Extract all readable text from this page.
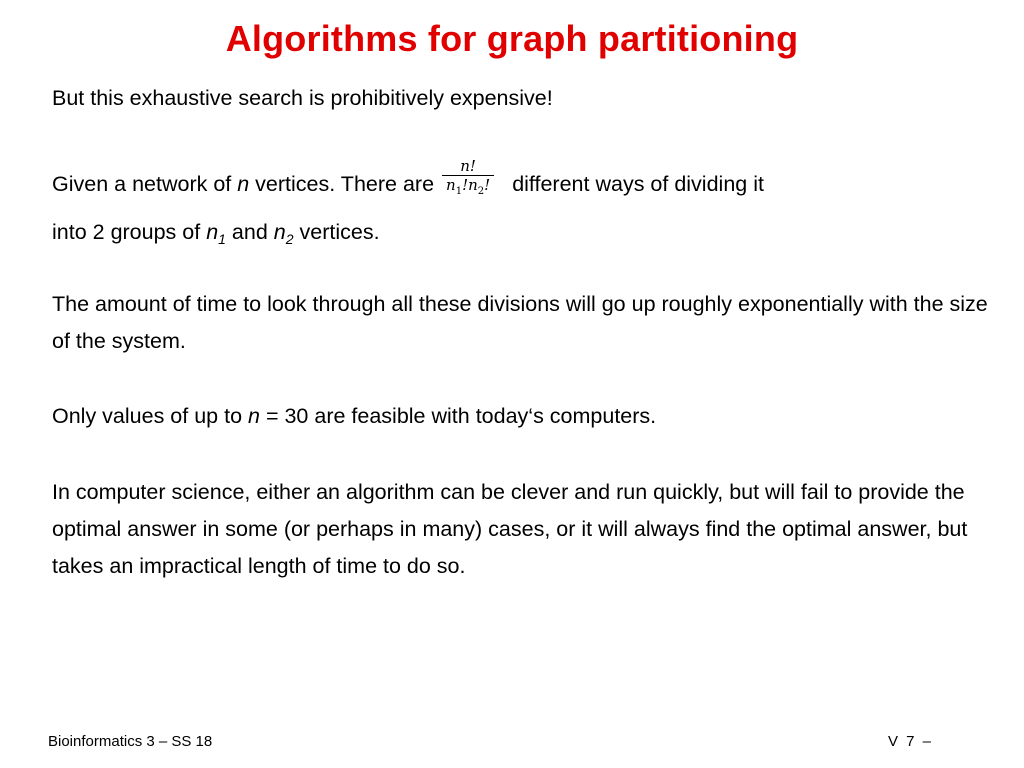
Algorithms for graph partitioning

But this exhaustive search is prohibitively expensive!

Given a network of n vertices. There are $\frac{n!}{n_1!n_2!}$ different ways of dividing it
into 2 groups of $n_1$ and $n_2$ vertices.

The amount of time to look through all these divisions will go up roughly exponentially with the size of the system.

Only values of up to n = 30 are feasible with today‘s computers.

In computer science, either an algorithm can be clever and run quickly, but will fail to provide the optimal answer in some (or perhaps in many) cases, or it will always find the optimal answer, but takes an impractical length of time to do so.

Bioinformatics 3 – SS 18	V 7 –
